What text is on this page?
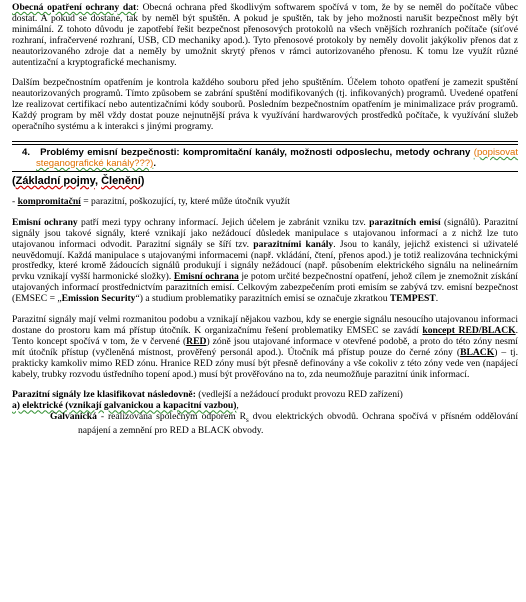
Obecná opatření ochrany dat: Obecná ochrana před škodlivým softwarem spočívá v tom, že by se neměl do počítače vůbec dostat. A pokud se dostane, tak by neměl být spuštěn. A pokud je spuštěn, tak by jeho možnosti narušit bezpečnost měly být minimální. Z tohoto důvodu je zapotřebí řešit bezpečnost přenosových protokolů na všech vnějších rozhraních počítače (síťové rozhraní, infračervené rozhraní, USB, CD mechaniky apod.). Tyto přenosové protokoly by neměly dovolit jakýkoliv přenos dat z neautorizovaného zdroje dat a neměly by umožnit skrytý přenos v rámci autorizovaného přenosu. K tomu lze využít různé autentizační a kryptografické mechanismy.

Dalším bezpečnostním opatřením je kontrola každého souboru před jeho spuštěním. Účelem tohoto opatření je zamezit spuštění neautorizovaných programů. Tímto způsobem se zabrání spuštění modifikovaných (tj. infikovaných) programů. Uvedené opatření lze realizovat certifikací nebo autentizačními kódy souborů. Posledním bezpečnostním opatřením je minimalizace práv programů. Každý program by měl vždy dostat pouze nejnutnější práva k využívání hardwarových prostředků počítače, k využívání služeb operačního systému a k interakci s jinými programy.

4. Problémy emisní bezpečnosti: kompromitační kanály, možnosti odposlechu, metody ochrany (popisovat steganografické kanály???).

(Základní pojmy, Členění)

- kompromitační = parazitní, poškozující, ty, které může útočník využít

Emisní ochrany patří mezi typy ochrany informací. Jejich účelem je zabránit vzniku tzv. parazitních emisí (signálů). Parazitní signály jsou takové signály, které vznikají jako nežádoucí důsledek manipulace s utajovanou informací a z nichž lze tuto utajovanou informaci odvodit. Parazitní signály se šíří tzv. parazitními kanály. Jsou to kanály, jejichž existenci si uživatelé neuvědomují. Každá manipulace s utajovanými informacemi (např. vkládání, čtení, přenos apod.) je totiž realizována technickými prostředky, které kromě žádoucích signálů produkují i signály nežádoucí (např. působením elektrického signálu na nelineárním prvku vznikají vyšší harmonické složky). Emisní ochrana je potom určité bezpečnostní opatření, jehož cílem je znemožnit získání utajovaných informací prostřednictvím parazitních emisí. Celkovým zabezpečením proti emisím se zabývá tzv. emisní bezpečnost (EMSEC = „Emission Security“) a studium problematiky parazitních emisí se označuje zkratkou TEMPEST.

Parazitní signály mají velmi rozmanitou podobu a vznikají nějakou vazbou, kdy se energie signálu nesoucího utajovanou informaci dostane do prostoru kam má přístup útočník. K organizačnímu řešení problematiky EMSEC se zavádí koncept RED/BLACK. Tento koncept spočívá v tom, že v červené (RED) zóně jsou utajované informace v otevřené podobě, a proto do této zóny nesmí mít útočník přístup (vyčleněná místnost, prověřený personál apod.). Útočník má přístup pouze do černé zóny (BLACK) – tj. prakticky kamkoliv mimo RED zónu. Hranice RED zóny musí být přesně definovány a vše cokoliv z této zóny vede ven (napájecí kabely, trubky rozvodu ústředního topení apod.) musí být prověřováno na to, zda neumožňuje parazitní únik informací.

Parazitní signály lze klasifikovat následovně: (vedlejší a nežádoucí produkt provozu RED zařízení)

a) elektrické (vznikají galvanickou a kapacitní vazbou),

Galvanická - realizována společným odporem $R_s$ dvou elektrických obvodů. Ochrana spočívá v přísném oddělování napájení a zemnění pro RED a BLACK obvody.
